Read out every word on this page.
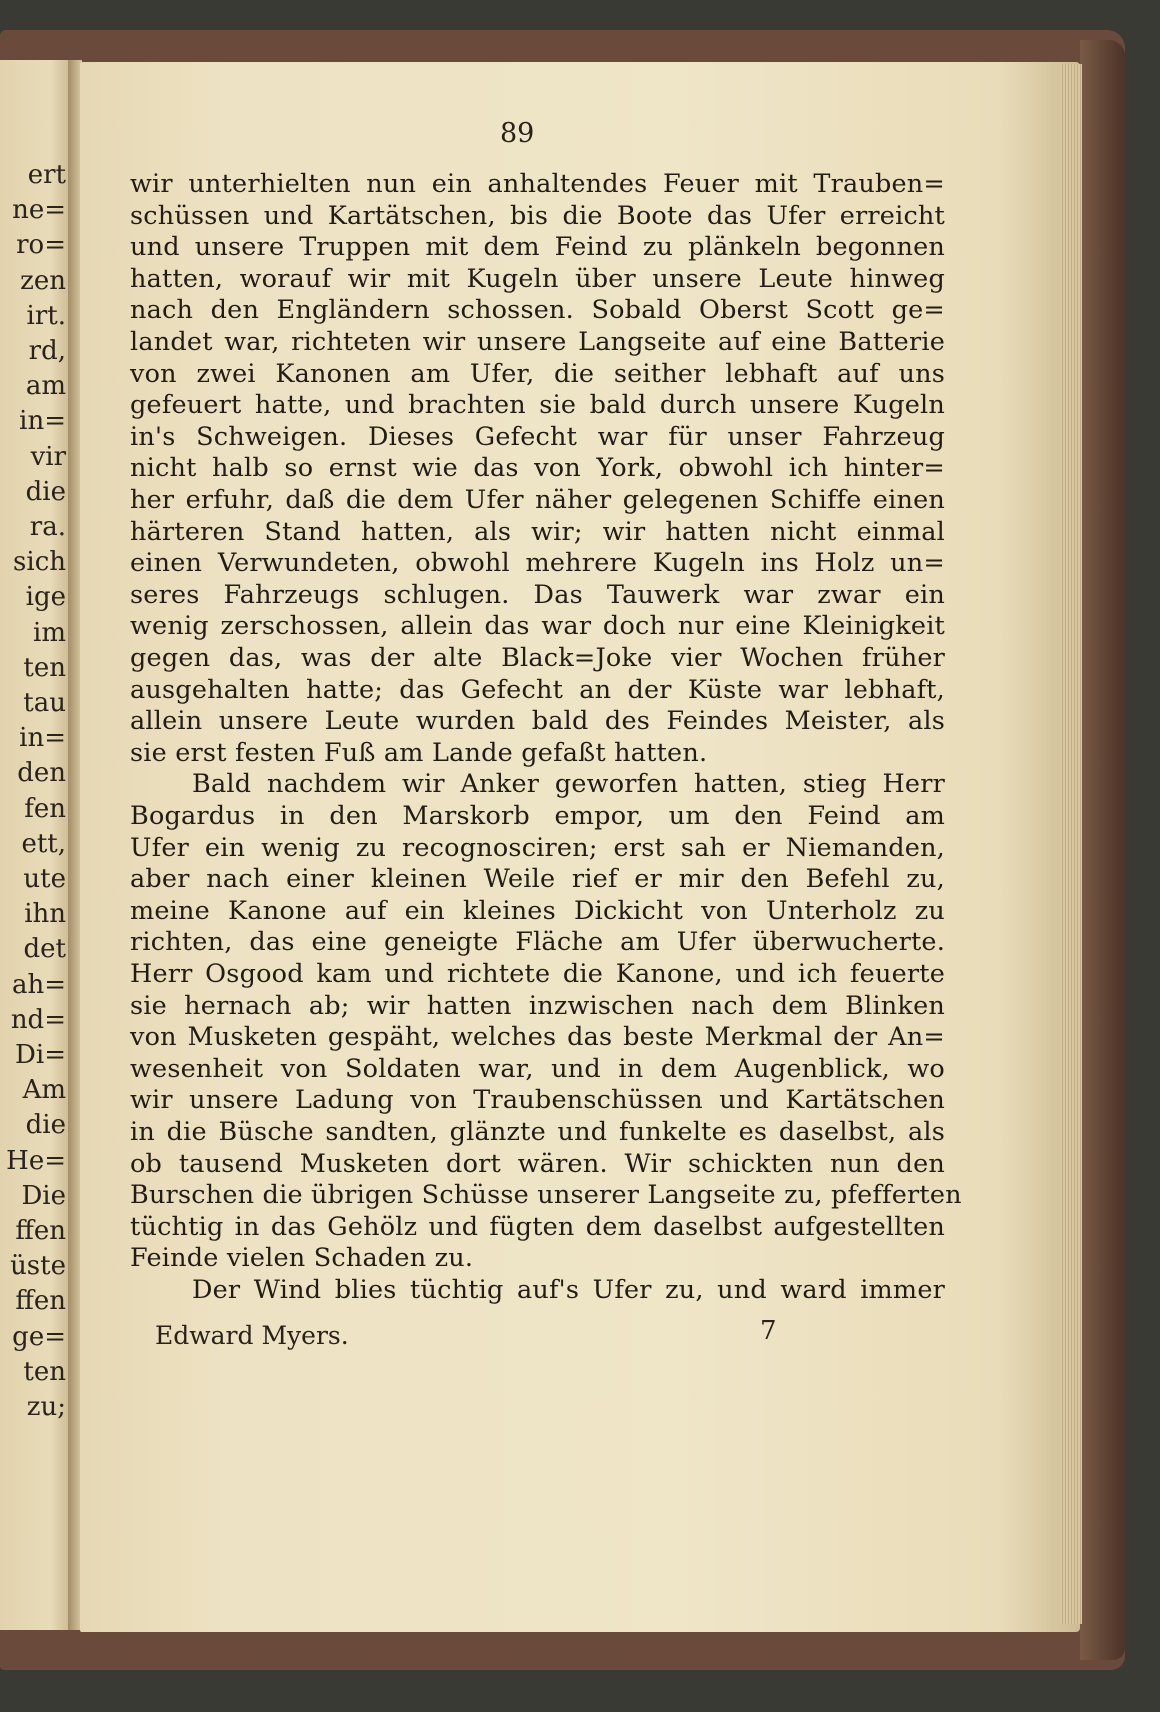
ert
ne=
ro=
zen
irt.
rd,
am
in=
vir
die
ra.
sich
ige
im
ten
tau
in=
den
fen
ett,
ute
ihn
det
ah=
nd=
Di=
Am
die
He=
Die
ffen
üste
ffen
ge=
ten
zu;
89
wir unterhielten nun ein anhaltendes Feuer mit Trauben=
schüssen und Kartätschen, bis die Boote das Ufer erreicht
und unsere Truppen mit dem Feind zu plänkeln begonnen
hatten, worauf wir mit Kugeln über unsere Leute hinweg
nach den Engländern schossen. Sobald Oberst Scott ge=
landet war, richteten wir unsere Langseite auf eine Batterie
von zwei Kanonen am Ufer, die seither lebhaft auf uns
gefeuert hatte, und brachten sie bald durch unsere Kugeln
in's Schweigen. Dieses Gefecht war für unser Fahrzeug
nicht halb so ernst wie das von York, obwohl ich hinter=
her erfuhr, daß die dem Ufer näher gelegenen Schiffe einen
härteren Stand hatten, als wir; wir hatten nicht einmal
einen Verwundeten, obwohl mehrere Kugeln ins Holz un=
seres Fahrzeugs schlugen. Das Tauwerk war zwar ein
wenig zerschossen, allein das war doch nur eine Kleinigkeit
gegen das, was der alte Black=Joke vier Wochen früher
ausgehalten hatte; das Gefecht an der Küste war lebhaft,
allein unsere Leute wurden bald des Feindes Meister, als
sie erst festen Fuß am Lande gefaßt hatten.
Bald nachdem wir Anker geworfen hatten, stieg Herr
Bogardus in den Marskorb empor, um den Feind am
Ufer ein wenig zu recognosciren; erst sah er Niemanden,
aber nach einer kleinen Weile rief er mir den Befehl zu,
meine Kanone auf ein kleines Dickicht von Unterholz zu
richten, das eine geneigte Fläche am Ufer überwucherte.
Herr Osgood kam und richtete die Kanone, und ich feuerte
sie hernach ab; wir hatten inzwischen nach dem Blinken
von Musketen gespäht, welches das beste Merkmal der An=
wesenheit von Soldaten war, und in dem Augenblick, wo
wir unsere Ladung von Traubenschüssen und Kartätschen
in die Büsche sandten, glänzte und funkelte es daselbst, als
ob tausend Musketen dort wären. Wir schickten nun den
Burschen die übrigen Schüsse unserer Langseite zu, pfefferten
tüchtig in das Gehölz und fügten dem daselbst aufgestellten
Feinde vielen Schaden zu.
Der Wind blies tüchtig auf's Ufer zu, und ward immer
Edward Myers.	7
